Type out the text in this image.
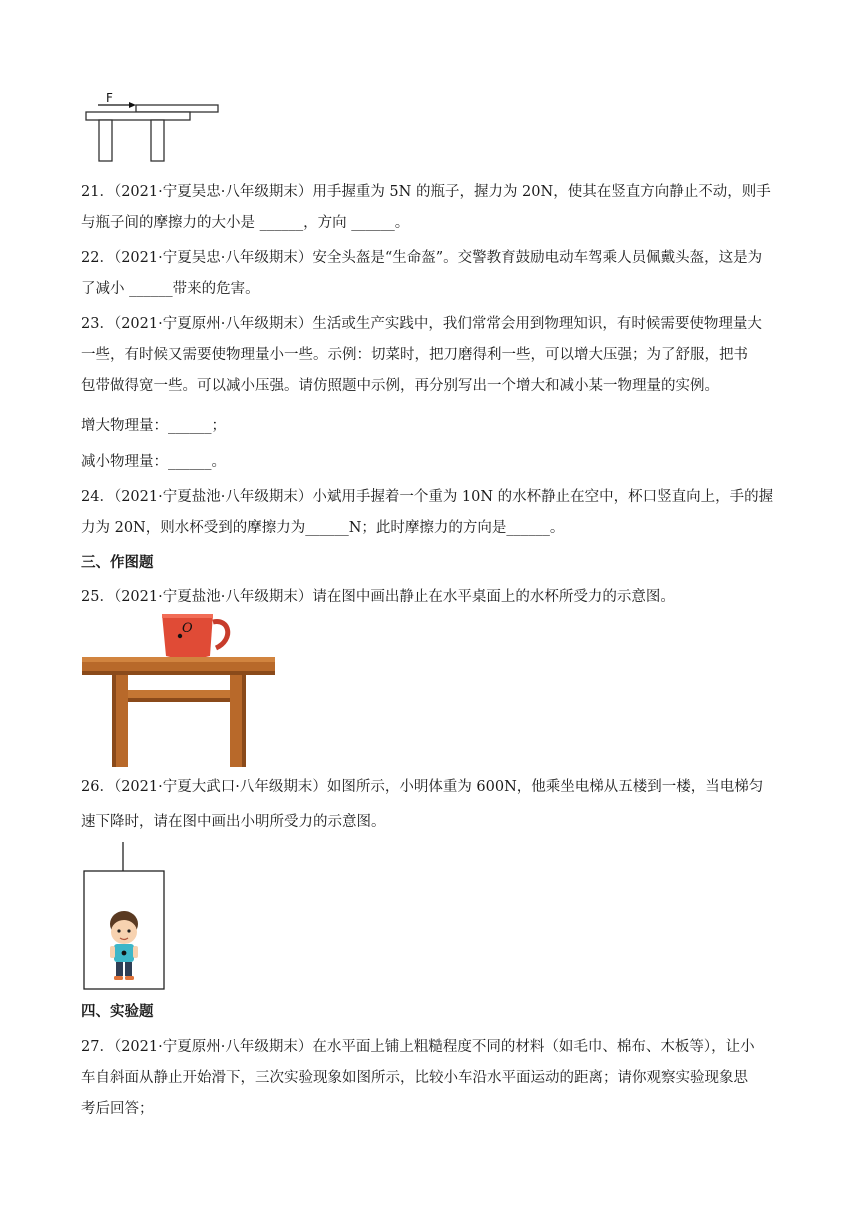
F
21．（2021·宁夏吴忠·八年级期末）用手握重为 5N 的瓶子，握力为 20N，使其在竖直方向静止不动，则手
与瓶子间的摩擦力的大小是 ______，方向 ______。
22．（2021·宁夏吴忠·八年级期末）安全头盔是“生命盔”。交警教育鼓励电动车驾乘人员佩戴头盔，这是为
了减小 ______带来的危害。
23．（2021·宁夏原州·八年级期末）生活或生产实践中，我们常常会用到物理知识，有时候需要使物理量大
一些，有时候又需要使物理量小一些。示例：切菜时，把刀磨得利一些，可以增大压强；为了舒服，把书
包带做得宽一些。可以减小压强。请仿照题中示例，再分别写出一个增大和减小某一物理量的实例。
增大物理量：______；
减小物理量：______。
24．（2021·宁夏盐池·八年级期末）小斌用手握着一个重为 10N 的水杯静止在空中，杯口竖直向上，手的握
力为 20N，则水杯受到的摩擦力为______N；此时摩擦力的方向是______。
三、作图题
25．（2021·宁夏盐池·八年级期末）请在图中画出静止在水平桌面上的水杯所受力的示意图。
O
26．（2021·宁夏大武口·八年级期末）如图所示，小明体重为 600N，他乘坐电梯从五楼到一楼，当电梯匀
速下降时，请在图中画出小明所受力的示意图。
四、实验题
27．（2021·宁夏原州·八年级期末）在水平面上铺上粗糙程度不同的材料（如毛巾、棉布、木板等），让小
车自斜面从静止开始滑下，三次实验现象如图所示，比较小车沿水平面运动的距离；请你观察实验现象思
考后回答；
